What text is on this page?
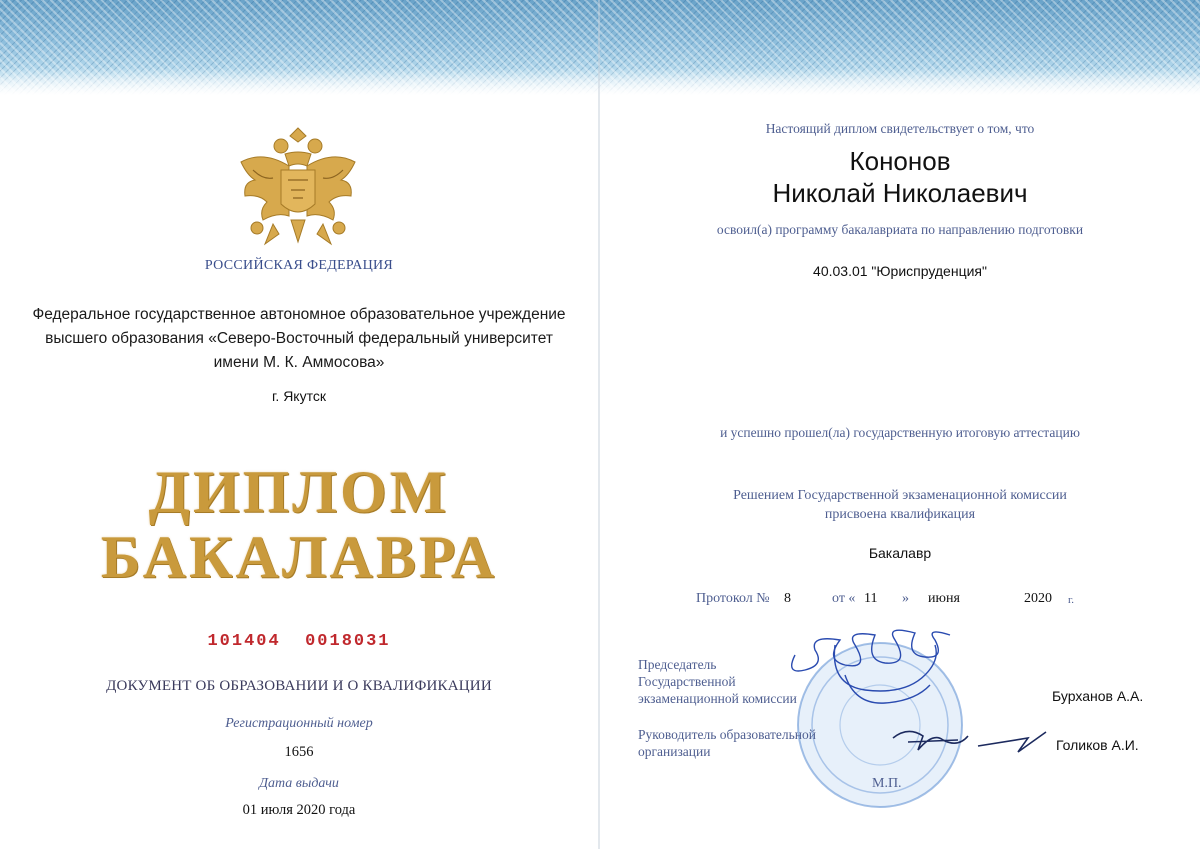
РОССИЙСКАЯ ФЕДЕРАЦИЯ
Федеральное государственное автономное образовательное учреждение
высшего образования «Северо-Восточный федеральный университет
имени М. К. Аммосова»
г. Якутск
ДИПЛОМ
БАКАЛАВРА
101404  0018031
ДОКУМЕНТ ОБ ОБРАЗОВАНИИ И О КВАЛИФИКАЦИИ
Регистрационный номер
1656
Дата выдачи
01 июля 2020 года
Настоящий диплом свидетельствует о том, что
Кононов
Николай Николаевич
освоил(а) программу бакалавриата по направлению подготовки
40.03.01 "Юриспруденция"
и успешно прошел(ла) государственную итоговую аттестацию
Решением Государственной экзаменационной комиссии
присвоена квалификация
Бакалавр
Протокол № 8	от « 11 » июня	2020 г.
Председатель
Государственной
экзаменационной комиссии	Бурханов А.А.
Руководитель образовательной
организации	Голиков А.И.
М.П.
